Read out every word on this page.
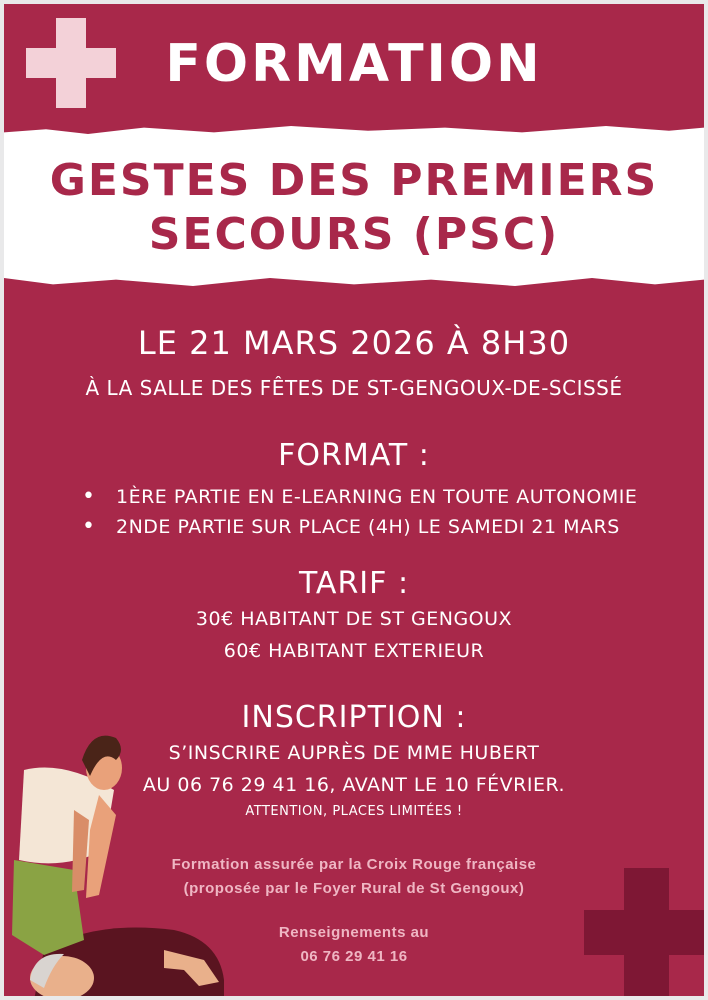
FORMATION
GESTES DES PREMIERS
SECOURS (PSC)
LE 21 MARS 2026 À 8H30
À LA SALLE DES FÊTES DE ST-GENGOUX-DE-SCISSÉ
FORMAT :
• 1ÈRE PARTIE EN E-LEARNING EN TOUTE AUTONOMIE
• 2NDE PARTIE SUR PLACE (4H) LE SAMEDI 21 MARS
TARIF :
30€ HABITANT DE ST GENGOUX
60€ HABITANT EXTERIEUR
INSCRIPTION :
S’INSCRIRE AUPRÈS DE MME HUBERT
AU 06 76 29 41 16, AVANT LE 10 FÉVRIER.
ATTENTION, PLACES LIMITÉES !
Formation assurée par la Croix Rouge française
(proposée par le Foyer Rural de St Gengoux)
Renseignements au
06 76 29 41 16
